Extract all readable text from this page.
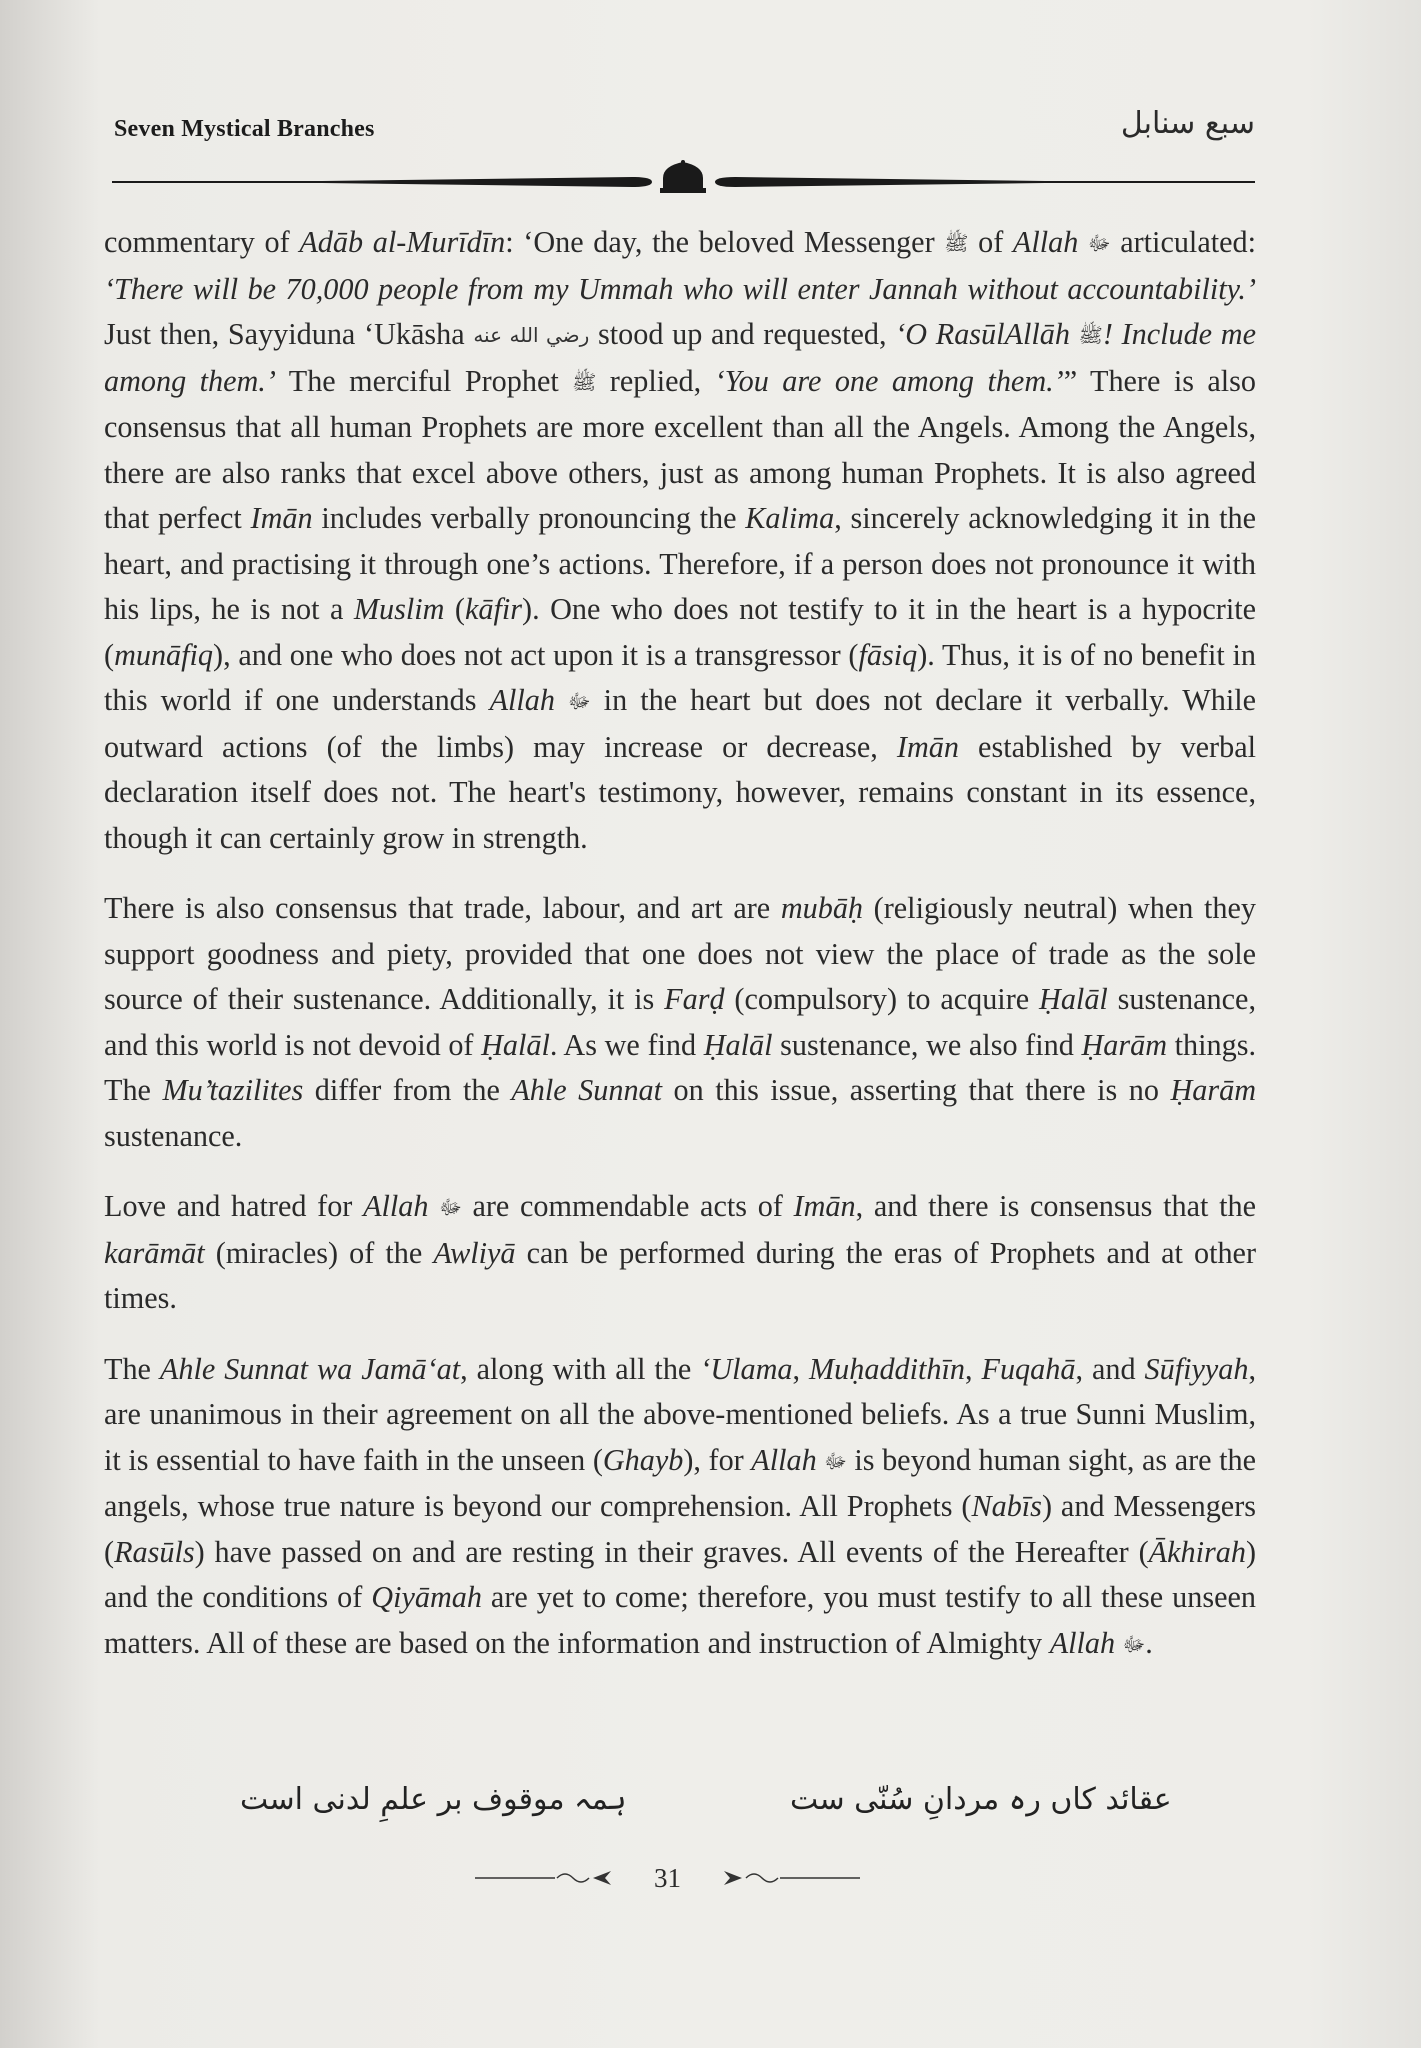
Seven Mystical Branches	سبع سنابل

commentary of Adāb al-Murīdīn: ‘One day, the beloved Messenger ﷺ of Allah ﷻ articulated: ‘There will be 70,000 people from my Ummah who will enter Jannah without accountability.’ Just then, Sayyiduna ‘Ukāsha رضي الله عنه stood up and requested, ‘O RasūlAllāh ﷺ! Include me among them.’ The merciful Prophet ﷺ replied, ‘You are one among them.’” There is also consensus that all human Prophets are more excellent than all the Angels. Among the Angels, there are also ranks that excel above others, just as among human Prophets. It is also agreed that perfect Imān includes verbally pronouncing the Kalima, sincerely acknowledging it in the heart, and practising it through one’s actions. Therefore, if a person does not pronounce it with his lips, he is not a Muslim (kāfir). One who does not testify to it in the heart is a hypocrite (munāfiq), and one who does not act upon it is a transgressor (fāsiq). Thus, it is of no benefit in this world if one understands Allah ﷻ in the heart but does not declare it verbally. While outward actions (of the limbs) may increase or decrease, Imān established by verbal declaration itself does not. The heart's testimony, however, remains constant in its essence, though it can certainly grow in strength.

There is also consensus that trade, labour, and art are mubāḥ (religiously neutral) when they support goodness and piety, provided that one does not view the place of trade as the sole source of their sustenance. Additionally, it is Farḍ (compulsory) to acquire Ḥalāl sustenance, and this world is not devoid of Ḥalāl. As we find Ḥalāl sustenance, we also find Ḥarām things. The Mu’tazilites differ from the Ahle Sunnat on this issue, asserting that there is no Ḥarām sustenance.

Love and hatred for Allah ﷻ are commendable acts of Imān, and there is consensus that the karāmāt (miracles) of the Awliyā can be performed during the eras of Prophets and at other times.

The Ahle Sunnat wa Jamā‘at, along with all the ‘Ulama, Muḥaddithīn, Fuqahā, and Sūfiyyah, are unanimous in their agreement on all the above-mentioned beliefs. As a true Sunni Muslim, it is essential to have faith in the unseen (Ghayb), for Allah ﷻ is beyond human sight, as are the angels, whose true nature is beyond our comprehension. All Prophets (Nabīs) and Messengers (Rasūls) have passed on and are resting in their graves. All events of the Hereafter (Ākhirah) and the conditions of Qiyāmah are yet to come; therefore, you must testify to all these unseen matters. All of these are based on the information and instruction of Almighty Allah ﷻ.

عقائد کاں رہ مردانِ سُنّی ست
ہمہ موقوف بر علمِ لدنی است
31
